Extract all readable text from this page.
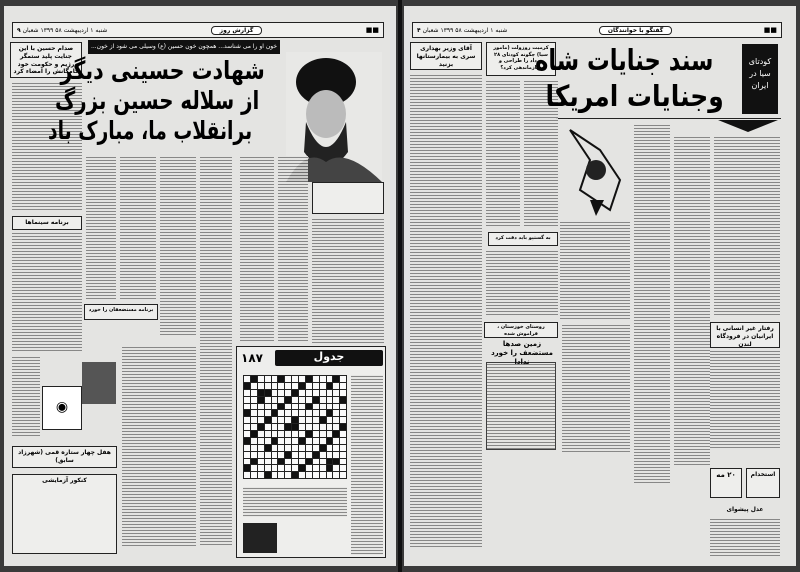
■■
گزارش روز
شنبه ۱ اردیبهشت ۵۸ ۱۳۹۹ شعبان ۹
صدام حسین با این جنایت پلید ستمگر رژیم و حکومت خود کامگانش را امضاء کرد
خون او را می شناسد... همچون خون حسین (ع) وسیلی می شود از خون...
شهادت حسینی دیگر
از سلاله حسین بزرگ
برانقلاب ما، مبارک باد
برنامه سینماها
برنامه مستضعفان را خورد
◉
هفل چهار ستاره قمی (شهرزاد سابق)
کنکور آزمایشی
۱۸۷	جدول
■■
گفتگو با خوانندگان
شنبه ۱ اردیبهشت ۵۸ ۱۳۹۹ شعبان ۴
آقای وزیر بهداری سری به بیمارستانها بزنید
کرمیت روزولت (مامور سیا) چگونه کودتای ۲۸ مرداد را طراحی و سازماندهی کرد؟
سند جنایات شاه
وجنایات امریکا
کودتای سیا در ایران
به گستپو باید دقت کرد
روستای خوزستان ، فراموش شده
زمین صدها مستضعف را خورد ندادا
رفتار غیر انسانی با ایرانیان در فرودگاه لندن
۲۰ مه	استخدام
عدل پیشوای
